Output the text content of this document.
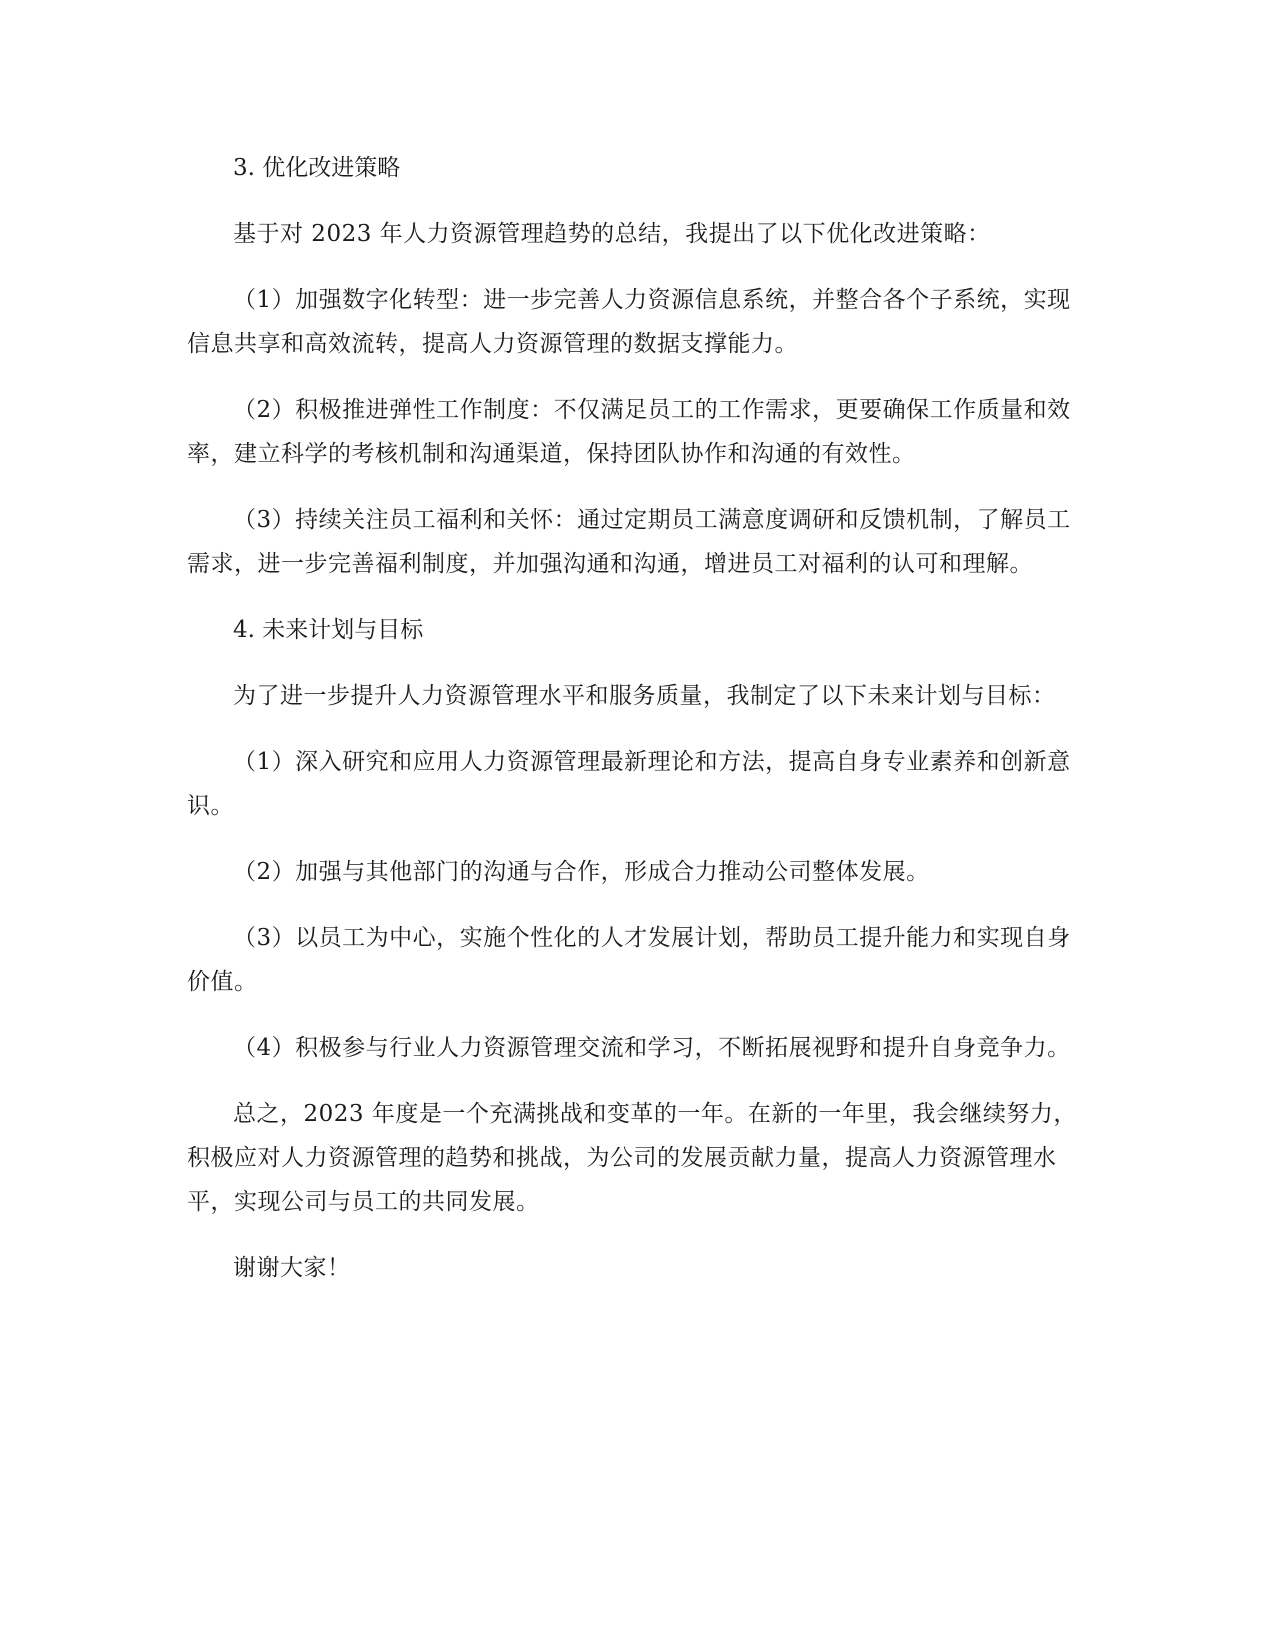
3. 优化改进策略

基于对 2023 年人力资源管理趋势的总结，我提出了以下优化改进策略：

（1）加强数字化转型：进一步完善人力资源信息系统，并整合各个子系统，实现信息共享和高效流转，提高人力资源管理的数据支撑能力。

（2）积极推进弹性工作制度：不仅满足员工的工作需求，更要确保工作质量和效率，建立科学的考核机制和沟通渠道，保持团队协作和沟通的有效性。

（3）持续关注员工福利和关怀：通过定期员工满意度调研和反馈机制，了解员工需求，进一步完善福利制度，并加强沟通和沟通，增进员工对福利的认可和理解。

4. 未来计划与目标

为了进一步提升人力资源管理水平和服务质量，我制定了以下未来计划与目标：

（1）深入研究和应用人力资源管理最新理论和方法，提高自身专业素养和创新意识。

（2）加强与其他部门的沟通与合作，形成合力推动公司整体发展。

（3）以员工为中心，实施个性化的人才发展计划，帮助员工提升能力和实现自身价值。

（4）积极参与行业人力资源管理交流和学习，不断拓展视野和提升自身竞争力。

总之，2023 年度是一个充满挑战和变革的一年。在新的一年里，我会继续努力，积极应对人力资源管理的趋势和挑战，为公司的发展贡献力量，提高人力资源管理水平，实现公司与员工的共同发展。

谢谢大家！
